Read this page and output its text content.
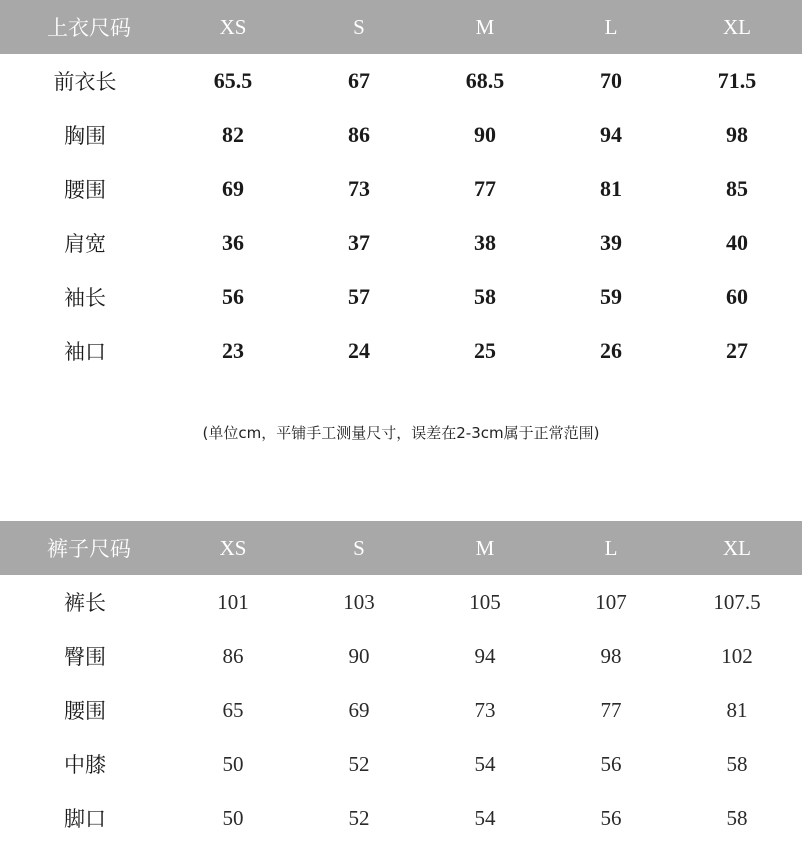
上衣尺码	XS	S	M	L	XL
前衣长	65.5	67	68.5	70	71.5
胸围	82	86	90	94	98
腰围	69	73	77	81	85
肩宽	36	37	38	39	40
袖长	56	57	58	59	60
袖口	23	24	25	26	27
(单位cm，平铺手工测量尺寸，误差在2-3cm属于正常范围)
裤子尺码	XS	S	M	L	XL
裤长	101	103	105	107	107.5
臀围	86	90	94	98	102
腰围	65	69	73	77	81
中膝	50	52	54	56	58
脚口	50	52	54	56	58
